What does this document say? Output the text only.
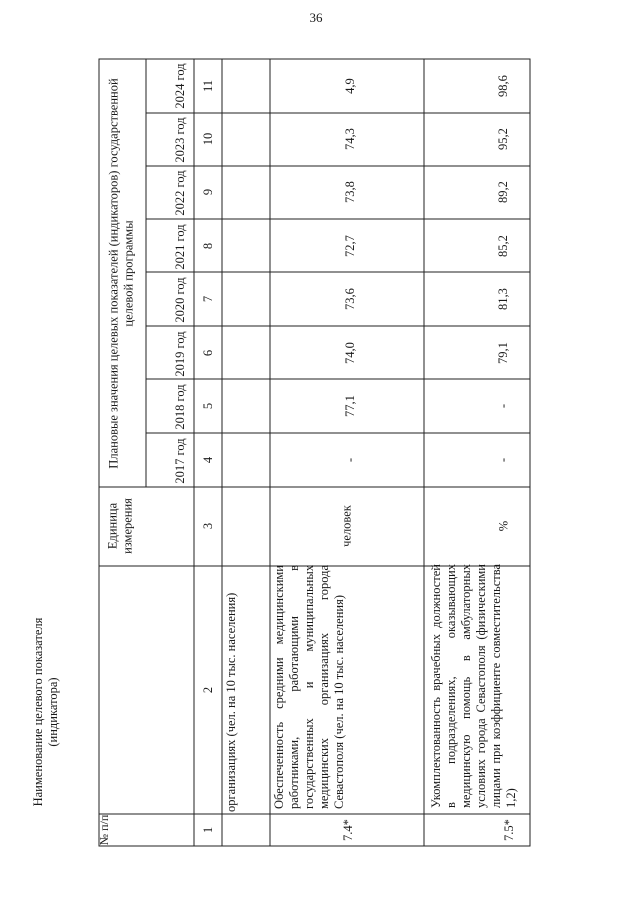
36
№ п/п
Наименование целевого показателя (индикатора)
Единица измерения
Плановые значения целевых показателей (индикаторов) государственной целевой программы
2017 год
2018 год
2019 год
2020 год
2021 год
2022 год
2023 год
2024 год
1
2
3
4
5
6
7
8
9
10
11
организациях (чел. на 10 тыс. населения)
7.4*
Обеспеченность средними медицинскими работниками, работающими в государственных и муниципальных медицинских организациях города Севастополя (чел. на 10 тыс. населения)
человек
-
77,1
74,0
73,6
72,7
73,8
74,3
4,9
7.5*
Укомплектованность врачебных должностей в подразделениях, оказывающих медицинскую помощь в амбулаторных условиях города Севастополя (физическими лицами при коэффициенте совместительства 1,2)
%
-
-
79,1
81,3
85,2
89,2
95,2
98,6
